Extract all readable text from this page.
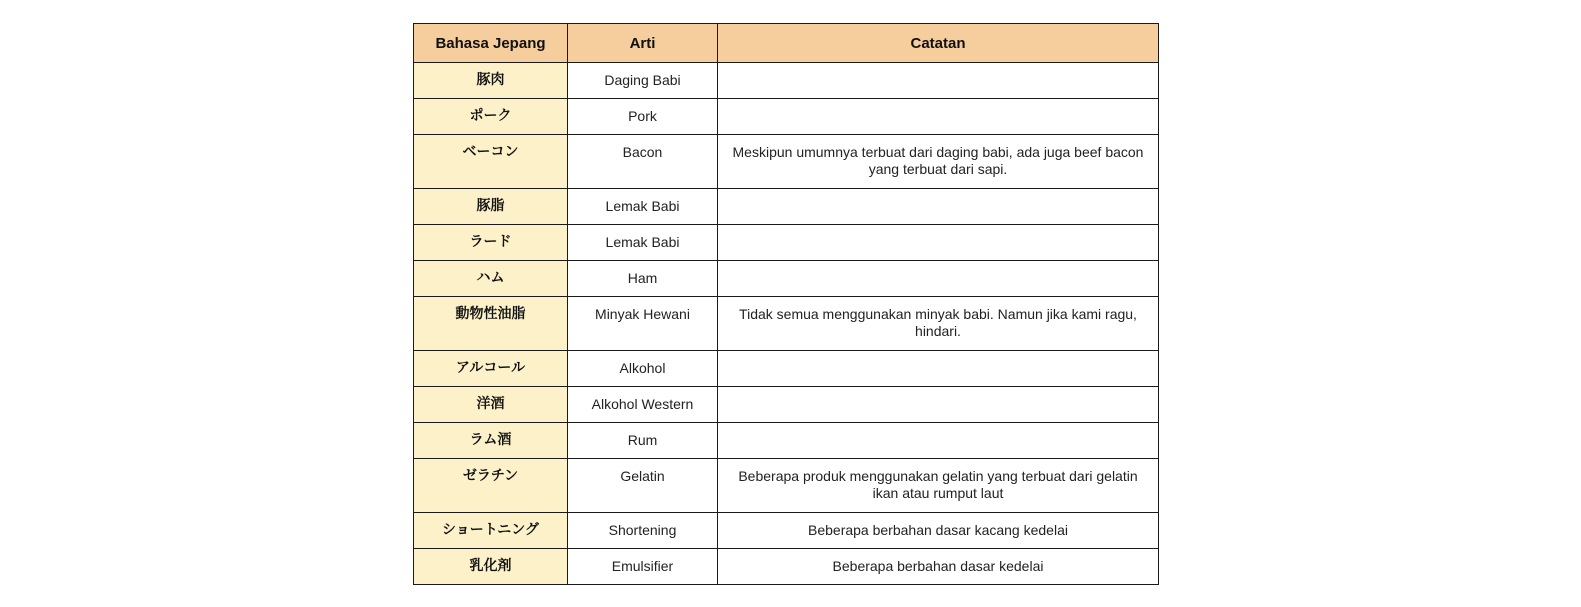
Bahasa Jepang	Arti	Catatan
豚肉	Daging Babi	
ポーク	Pork	
ベーコン	Bacon	Meskipun umumnya terbuat dari daging babi, ada juga beef bacon yang terbuat dari sapi.
豚脂	Lemak Babi	
ラード	Lemak Babi	
ハム	Ham	
動物性油脂	Minyak Hewani	Tidak semua menggunakan minyak babi. Namun jika kami ragu, hindari.
アルコール	Alkohol	
洋酒	Alkohol Western	
ラム酒	Rum	
ゼラチン	Gelatin	Beberapa produk menggunakan gelatin yang terbuat dari gelatin ikan atau rumput laut
ショートニング	Shortening	Beberapa berbahan dasar kacang kedelai
乳化剤	Emulsifier	Beberapa berbahan dasar kedelai
